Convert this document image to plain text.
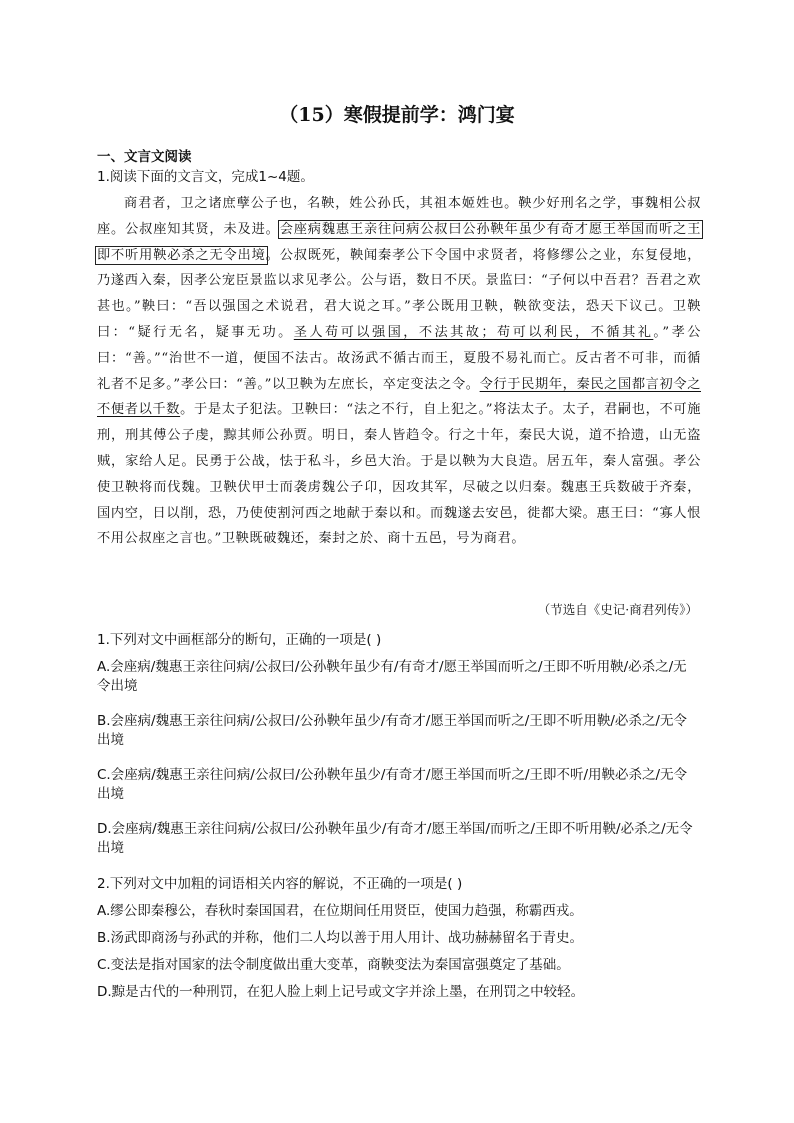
（15）寒假提前学：鸿门宴
一、文言文阅读
1.阅读下面的文言文，完成1~4题。
商君者，卫之诸庶孽公子也，名鞅，姓公孙氏，其祖本姬姓也。鞅少好刑名之学，事魏相公叔座。公叔座知其贤，未及进。会座病魏惠王亲往问病公叔曰公孙鞅年虽少有奇才愿王举国而听之王即不听用鞅必杀之无令出境。公叔既死，鞅闻秦孝公下令国中求贤者，将修缪公之业，东复侵地，乃遂西入秦，因孝公宠臣景监以求见孝公。公与语，数日不厌。景监曰：“子何以中吾君？吾君之欢甚也。”鞅曰：“吾以强国之术说君，君大说之耳。”孝公既用卫鞅，鞅欲变法，恐天下议己。卫鞅曰：“疑行无名，疑事无功。圣人苟可以强国，不法其故；苟可以利民，不循其礼。”孝公曰：“善。”“治世不一道，便国不法古。故汤武不循古而王，夏殷不易礼而亡。反古者不可非，而循礼者不足多。”孝公曰：“善。”以卫鞅为左庶长，卒定变法之令。令行于民期年，秦民之国都言初令之不便者以千数。于是太子犯法。卫鞅曰：“法之不行，自上犯之。”将法太子。太子，君嗣也，不可施刑，刑其傅公子虔，黥其师公孙贾。明日，秦人皆趋令。行之十年，秦民大说，道不拾遗，山无盗贼，家给人足。民勇于公战，怯于私斗，乡邑大治。于是以鞅为大良造。居五年，秦人富强。孝公使卫鞅将而伐魏。卫鞅伏甲士而袭虏魏公子卬，因攻其军，尽破之以归秦。魏惠王兵数破于齐秦，国内空，日以削，恐，乃使使割河西之地献于秦以和。而魏遂去安邑，徙都大梁。惠王曰：“寡人恨不用公叔座之言也。”卫鞅既破魏还，秦封之於、商十五邑，号为商君。
（节选自《史记·商君列传》）
1.下列对文中画框部分的断句，正确的一项是( )
A.会座病/魏惠王亲往问病/公叔曰/公孙鞅年虽少有/有奇才/愿王举国而听之/王即不听用鞅/必杀之/无令出境
B.会座病/魏惠王亲往问病/公叔曰/公孙鞅年虽少/有奇才/愿王举国而听之/王即不听用鞅/必杀之/无令出境
C.会座病/魏惠王亲往问病/公叔曰/公孙鞅年虽少/有奇才/愿王举国而听之/王即不听/用鞅必杀之/无令出境
D.会座病/魏惠王亲往问病/公叔曰/公孙鞅年虽少/有奇才/愿王举国/而听之/王即不听用鞅/必杀之/无令出境
2.下列对文中加粗的词语相关内容的解说，不正确的一项是( )
A.缪公即秦穆公，春秋时秦国国君，在位期间任用贤臣，使国力趋强，称霸西戎。
B.汤武即商汤与孙武的并称，他们二人均以善于用人用计、战功赫赫留名于青史。
C.变法是指对国家的法令制度做出重大变革，商鞅变法为秦国富强奠定了基础。
D.黥是古代的一种刑罚，在犯人脸上刺上记号或文字并涂上墨，在刑罚之中较轻。
